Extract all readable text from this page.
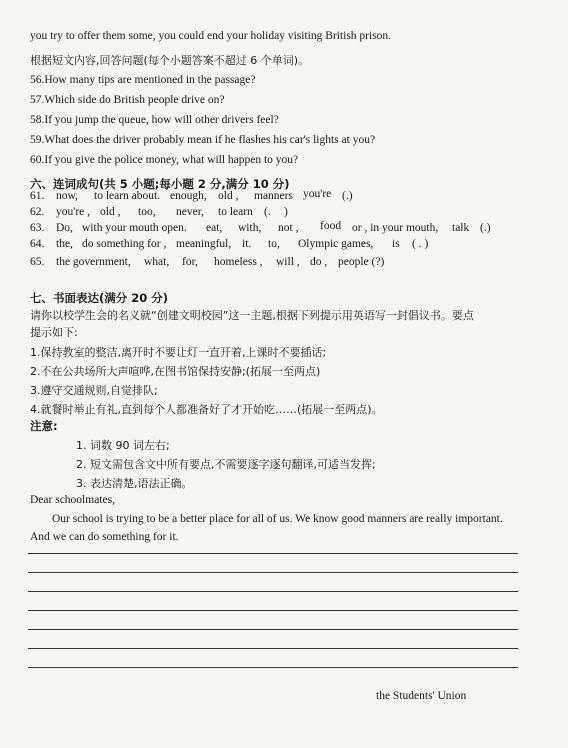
you try to offer them some, you could end your holiday visiting British prison.
根据短文内容,回答问题(每个小题答案不超过 6 个单词)。
56.How many tips are mentioned in the passage?
57.Which side do British people drive on?
58.If you jump the queue, how will other drivers feel?
59.What does the driver probably mean if he flashes his car's lights at you?
60.If you give the police money, what will happen to you?
六、连词成句(共 5 小题;每小题 2 分,满分 10 分)
61. now, to learn about. enough, old , manners you're (.)
62. you're , old , too, never, to learn (. )
63. Do, with your mouth open. eat, with, not , food or , in your mouth, talk (.)
64. the, do something for , meaningful, it. to, Olympic games, is ( . )
65. the government, what, for, homeless , will , do , people (?)
七、书面表达(满分 20 分)
请你以校学生会的名义就“创建文明校园”这一主题,根据下列提示用英语写一封倡议书。要点
提示如下:
1.保持教室的整洁,离开时不要让灯一直开着,上课时不要插话;
2.不在公共场所大声喧哗,在图书馆保持安静;(拓展一至两点)
3.遵守交通规则,自觉排队;
4.就餐时举止有礼,直到每个人都准备好了才开始吃……(拓展一至两点)。
注意:
1. 词数 90 词左右;
2. 短文需包含文中所有要点,不需要逐字逐句翻译,可适当发挥;
3. 表达清楚,语法正确。
Dear schoolmates,
Our school is trying to be a better place for all of us. We know good manners are really important.
And we can do something for it.
the Students' Union
